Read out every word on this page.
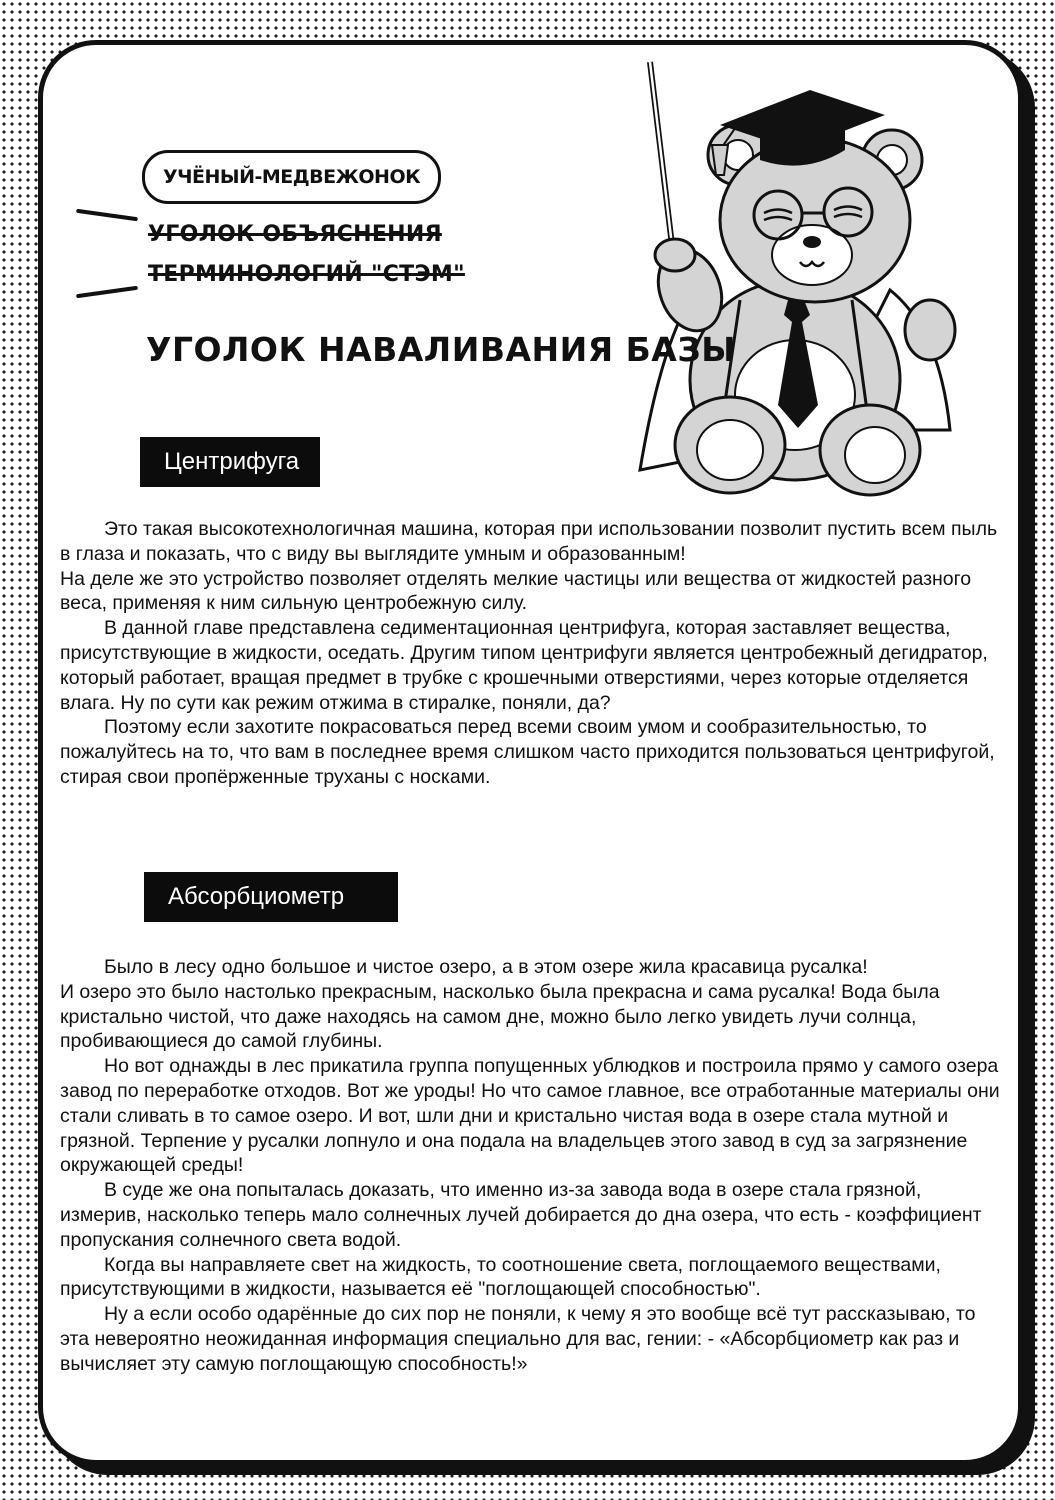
УЧЁНЫЙ-МЕДВЕЖОНОК
УГОЛОК ОБЪЯСНЕНИЯ
ТЕРМИНОЛОГИЙ "СТЭМ"
УГОЛОК НАВАЛИВАНИЯ БАЗЫ
Центрифуга

Это такая высокотехнологичная машина, которая при использовании позволит пустить всем пыль в глаза и показать, что с виду вы выглядите умным и образованным!

На деле же это устройство позволяет отделять мелкие частицы или вещества от жидкостей разного веса, применяя к ним сильную центробежную силу.

В данной главе представлена седиментационная центрифуга, которая заставляет вещества, присутствующие в жидкости, оседать. Другим типом центрифуги является центробежный дегидратор, который работает, вращая предмет в трубке с крошечными отверстиями, через которые отделяется влага. Ну по сути как режим отжима в стиралке, поняли, да?

Поэтому если захотите покрасоваться перед всеми своим умом и сообразительностью, то пожалуйтесь на то, что вам в последнее время слишком часто приходится пользоваться центрифугой, стирая свои пропёрженные труханы с носками.

Абсорбциометр

Было в лесу одно большое и чистое озеро, а в этом озере жила красавица русалка!

И озеро это было настолько прекрасным, насколько была прекрасна и сама русалка! Вода была кристально чистой, что даже находясь на самом дне, можно было легко увидеть лучи солнца, пробивающиеся до самой глубины.

Но вот однажды в лес прикатила группа попущенных ублюдков и построила прямо у самого озера завод по переработке отходов. Вот же уроды! Но что самое главное, все отработанные материалы они стали сливать в то самое озеро. И вот, шли дни и кристально чистая вода в озере стала мутной и грязной. Терпение у русалки лопнуло и она подала на владельцев этого завод в суд за загрязнение окружающей среды!

В суде же она попыталась доказать, что именно из-за завода вода в озере стала грязной, измерив, насколько теперь мало солнечных лучей добирается до дна озера, что есть - коэффициент пропускания солнечного света водой.

Когда вы направляете свет на жидкость, то соотношение света, поглощаемого веществами, присутствующими в жидкости, называется её "поглощающей способностью".

Ну а если особо одарённые до сих пор не поняли, к чему я это вообще всё тут рассказываю, то эта невероятно неожиданная информация специально для вас, гении: - «Абсорбциометр как раз и вычисляет эту самую поглощающую способность!»
